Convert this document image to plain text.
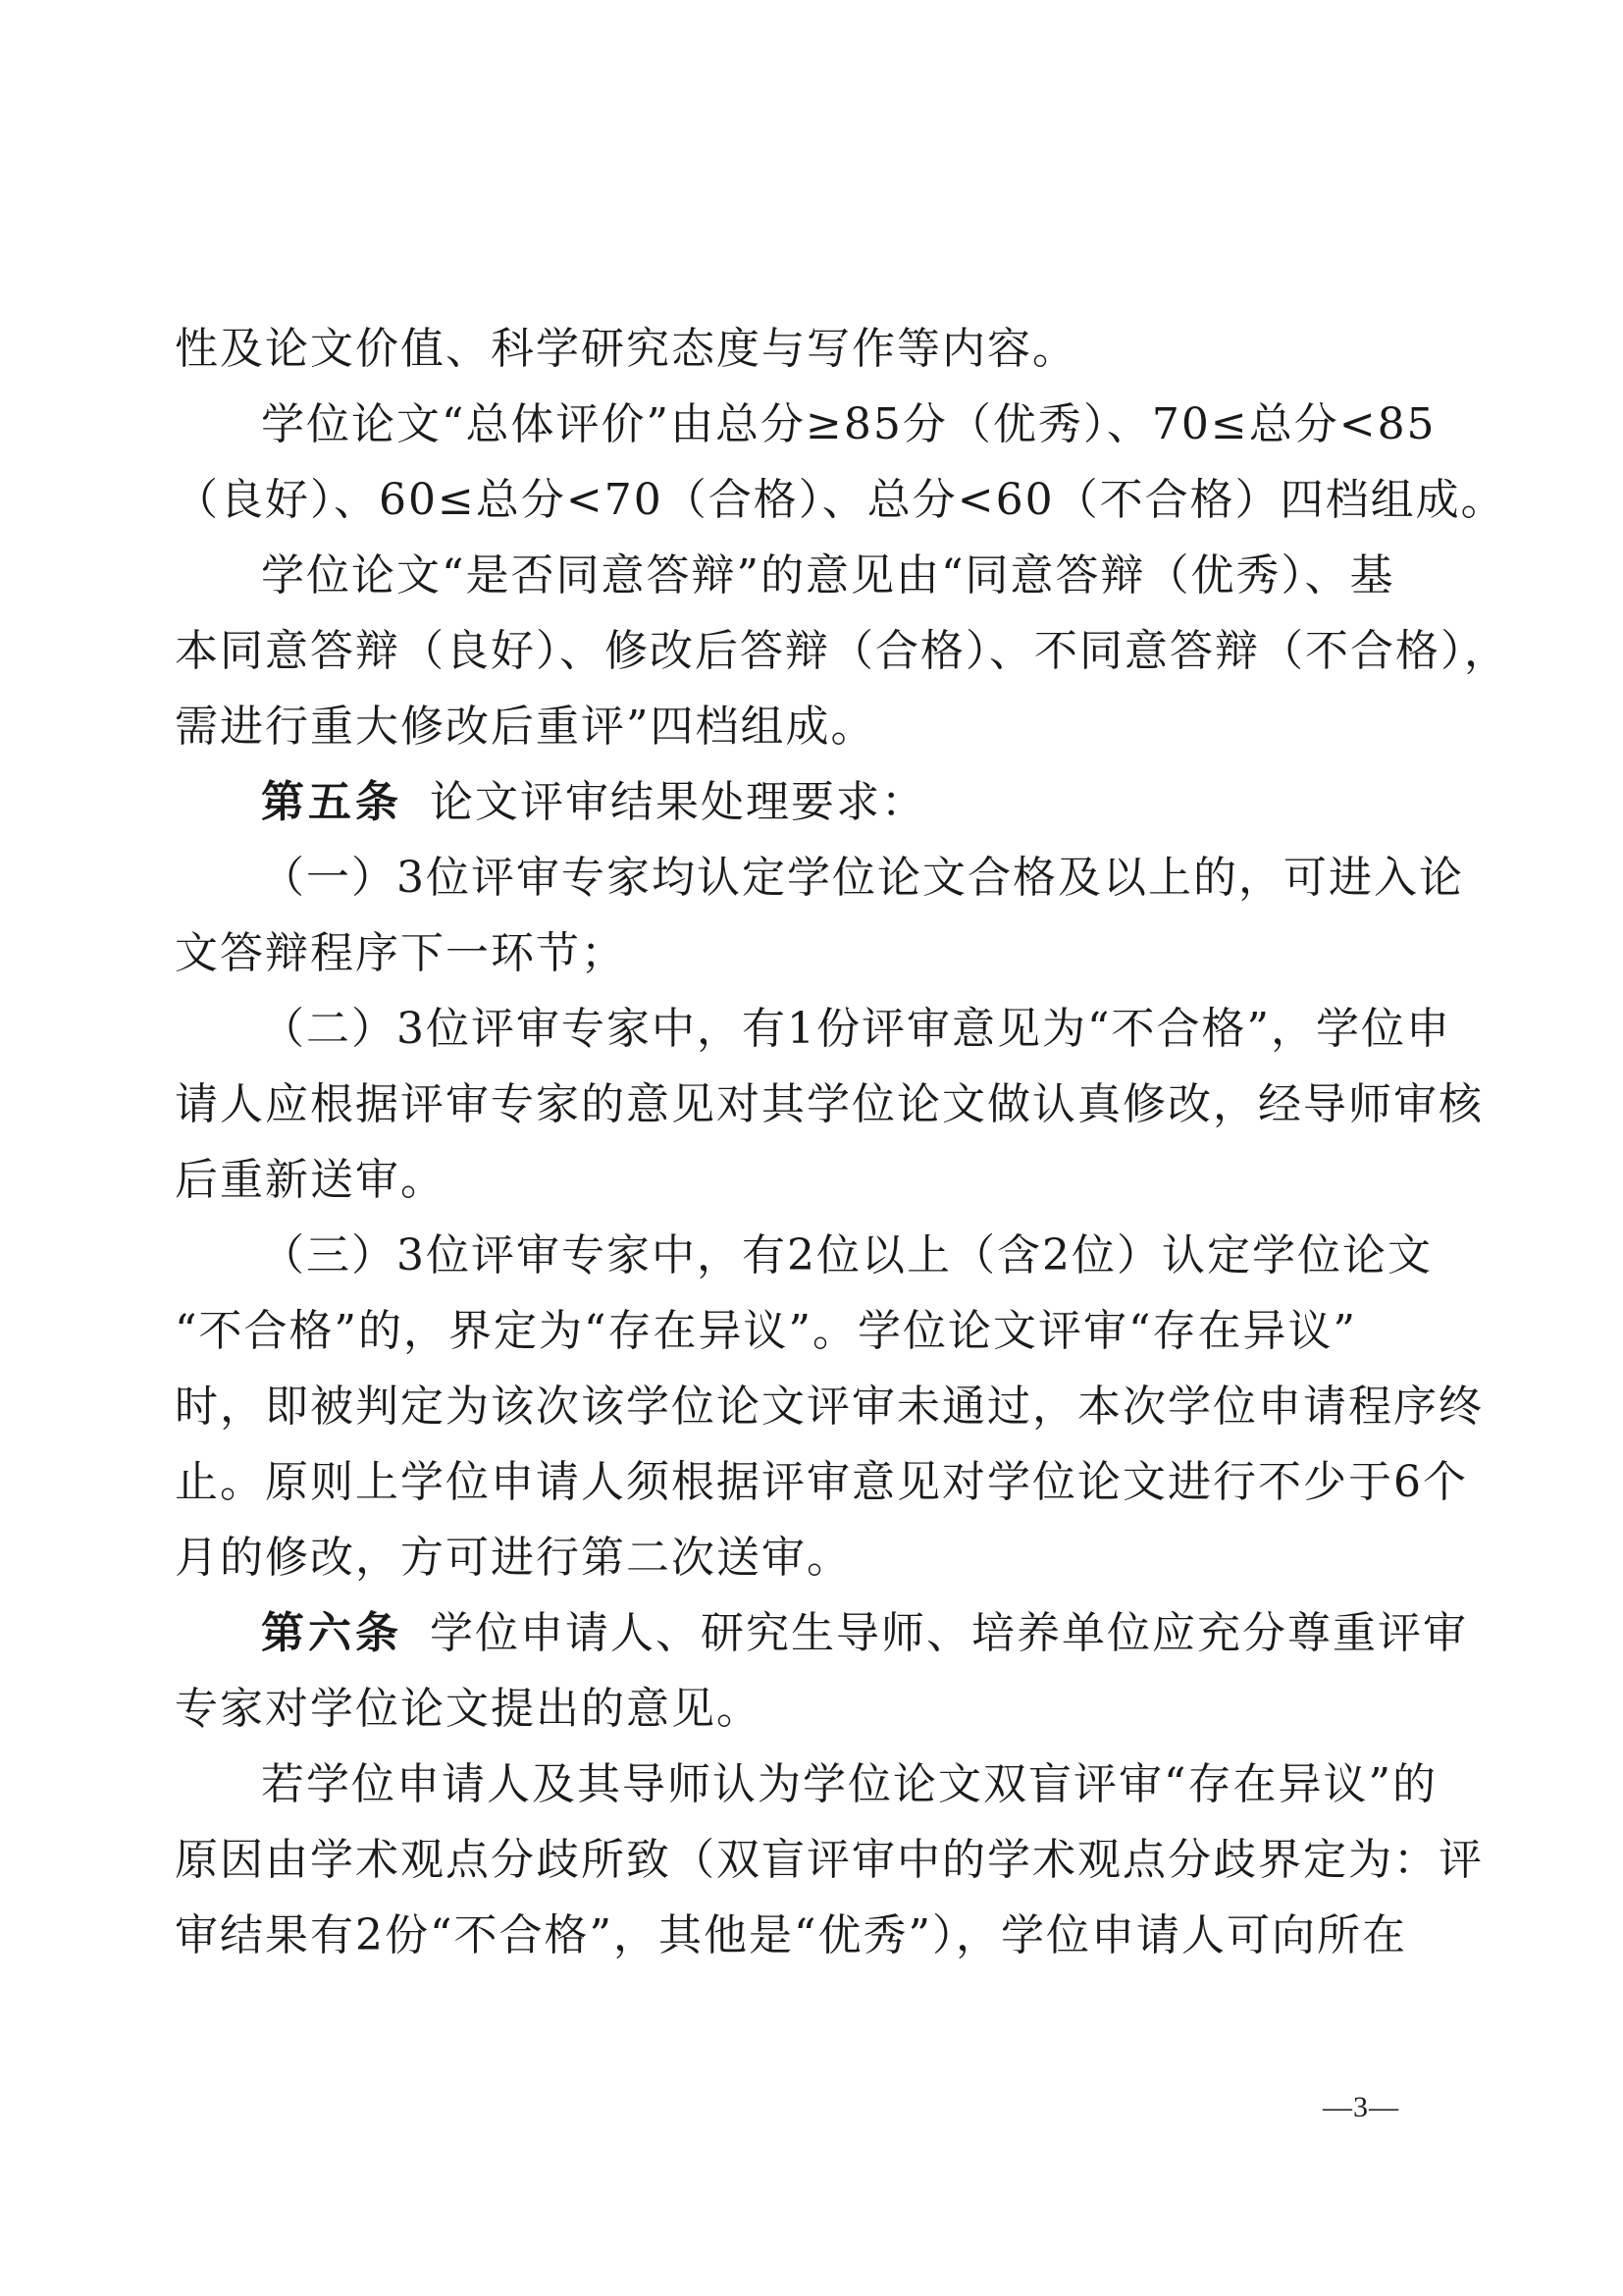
性及论文价值、科学研究态度与写作等内容。
学位论文“总体评价”由总分≥85分（优秀）、70≤总分<85
（良好）、60≤总分<70（合格）、总分<60（不合格）四档组成。
学位论文“是否同意答辩”的意见由“同意答辩（优秀）、基
本同意答辩（良好）、修改后答辩（合格）、不同意答辩（不合格），
需进行重大修改后重评”四档组成。
第五条 论文评审结果处理要求：
（一）3位评审专家均认定学位论文合格及以上的，可进入论
文答辩程序下一环节；
（二）3位评审专家中，有1份评审意见为“不合格”，学位申
请人应根据评审专家的意见对其学位论文做认真修改，经导师审核
后重新送审。
（三）3位评审专家中，有2位以上（含2位）认定学位论文
“不合格”的，界定为“存在异议”。学位论文评审“存在异议”
时，即被判定为该次该学位论文评审未通过，本次学位申请程序终
止。原则上学位申请人须根据评审意见对学位论文进行不少于6个
月的修改，方可进行第二次送审。
第六条 学位申请人、研究生导师、培养单位应充分尊重评审
专家对学位论文提出的意见。
若学位申请人及其导师认为学位论文双盲评审“存在异议”的
原因由学术观点分歧所致（双盲评审中的学术观点分歧界定为：评
审结果有2份“不合格”，其他是“优秀”），学位申请人可向所在
—3—
